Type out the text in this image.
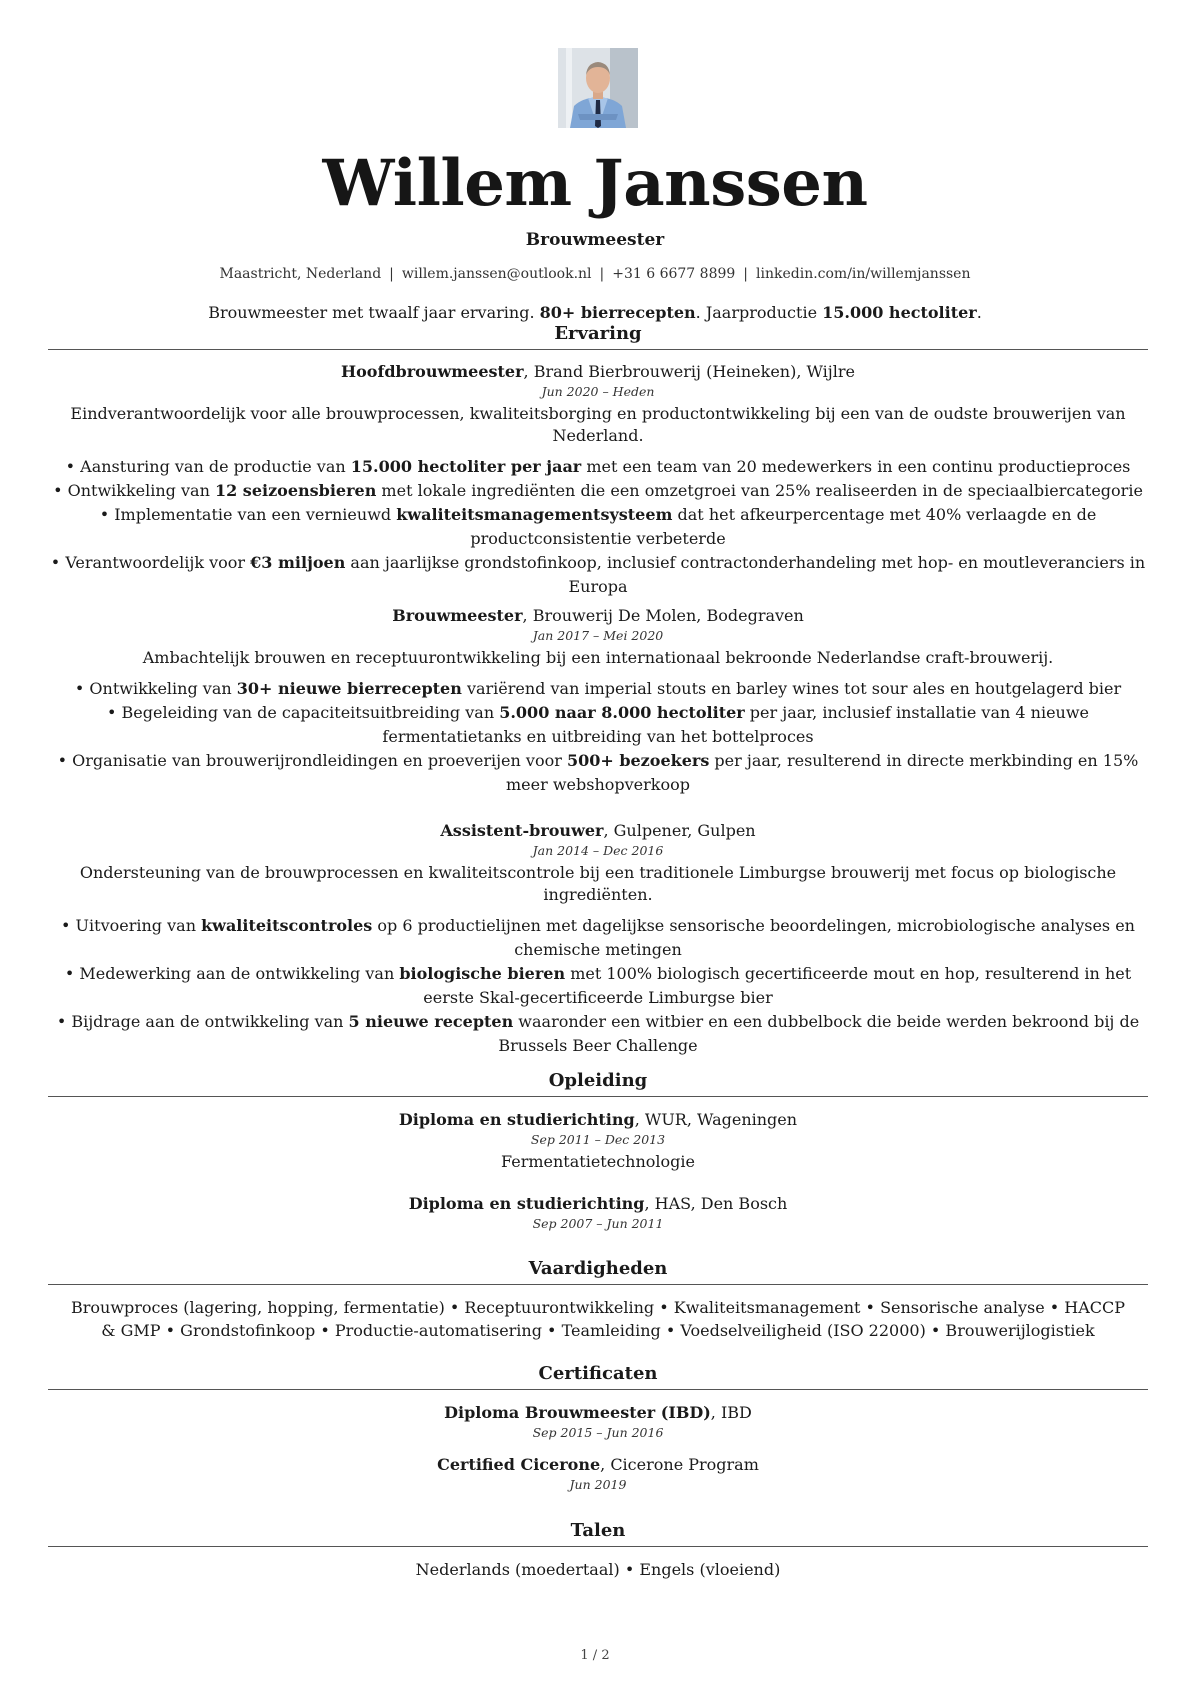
Willem Janssen
Brouwmeester
Maastricht, Nederland | willem.janssen@outlook.nl | +31 6 6677 8899 | linkedin.com/in/willemjanssen
Brouwmeester met twaalf jaar ervaring. 80+ bierrecepten. Jaarproductie 15.000 hectoliter.
Ervaring
Hoofdbrouwmeester, Brand Bierbrouwerij (Heineken), Wijlre
Jun 2020 – Heden
Eindverantwoordelijk voor alle brouwprocessen, kwaliteitsborging en productontwikkeling bij een van de oudste brouwerijen van Nederland.
• Aansturing van de productie van 15.000 hectoliter per jaar met een team van 20 medewerkers in een continu productieproces
• Ontwikkeling van 12 seizoensbieren met lokale ingrediënten die een omzetgroei van 25% realiseerden in de speciaalbiercategorie
• Implementatie van een vernieuwd kwaliteitsmanagementsysteem dat het afkeurpercentage met 40% verlaagde en de productconsistentie verbeterde
• Verantwoordelijk voor €3 miljoen aan jaarlijkse grondstofinkoop, inclusief contractonderhandeling met hop- en moutleveranciers in Europa
Brouwmeester, Brouwerij De Molen, Bodegraven
Jan 2017 – Mei 2020
Ambachtelijk brouwen en receptuurontwikkeling bij een internationaal bekroonde Nederlandse craft-brouwerij.
• Ontwikkeling van 30+ nieuwe bierrecepten variërend van imperial stouts en barley wines tot sour ales en houtgelagerd bier
• Begeleiding van de capaciteitsuitbreiding van 5.000 naar 8.000 hectoliter per jaar, inclusief installatie van 4 nieuwe fermentatietanks en uitbreiding van het bottelproces
• Organisatie van brouwerijrondleidingen en proeverijen voor 500+ bezoekers per jaar, resulterend in directe merkbinding en 15% meer webshopverkoop
Assistent-brouwer, Gulpener, Gulpen
Jan 2014 – Dec 2016
Ondersteuning van de brouwprocessen en kwaliteitscontrole bij een traditionele Limburgse brouwerij met focus op biologische ingrediënten.
• Uitvoering van kwaliteitscontroles op 6 productielijnen met dagelijkse sensorische beoordelingen, microbiologische analyses en chemische metingen
• Medewerking aan de ontwikkeling van biologische bieren met 100% biologisch gecertificeerde mout en hop, resulterend in het eerste Skal-gecertificeerde Limburgse bier
• Bijdrage aan de ontwikkeling van 5 nieuwe recepten waaronder een witbier en een dubbelbock die beide werden bekroond bij de Brussels Beer Challenge
Opleiding
Diploma en studierichting, WUR, Wageningen
Sep 2011 – Dec 2013
Fermentatietechnologie
Diploma en studierichting, HAS, Den Bosch
Sep 2007 – Jun 2011
Vaardigheden
Brouwproces (lagering, hopping, fermentatie) • Receptuurontwikkeling • Kwaliteitsmanagement • Sensorische analyse • HACCP & GMP • Grondstofinkoop • Productie-automatisering • Teamleiding • Voedselveiligheid (ISO 22000) • Brouwerijlogistiek
Certificaten
Diploma Brouwmeester (IBD), IBD
Sep 2015 – Jun 2016
Certified Cicerone, Cicerone Program
Jun 2019
Talen
Nederlands (moedertaal) • Engels (vloeiend)
1 / 2
